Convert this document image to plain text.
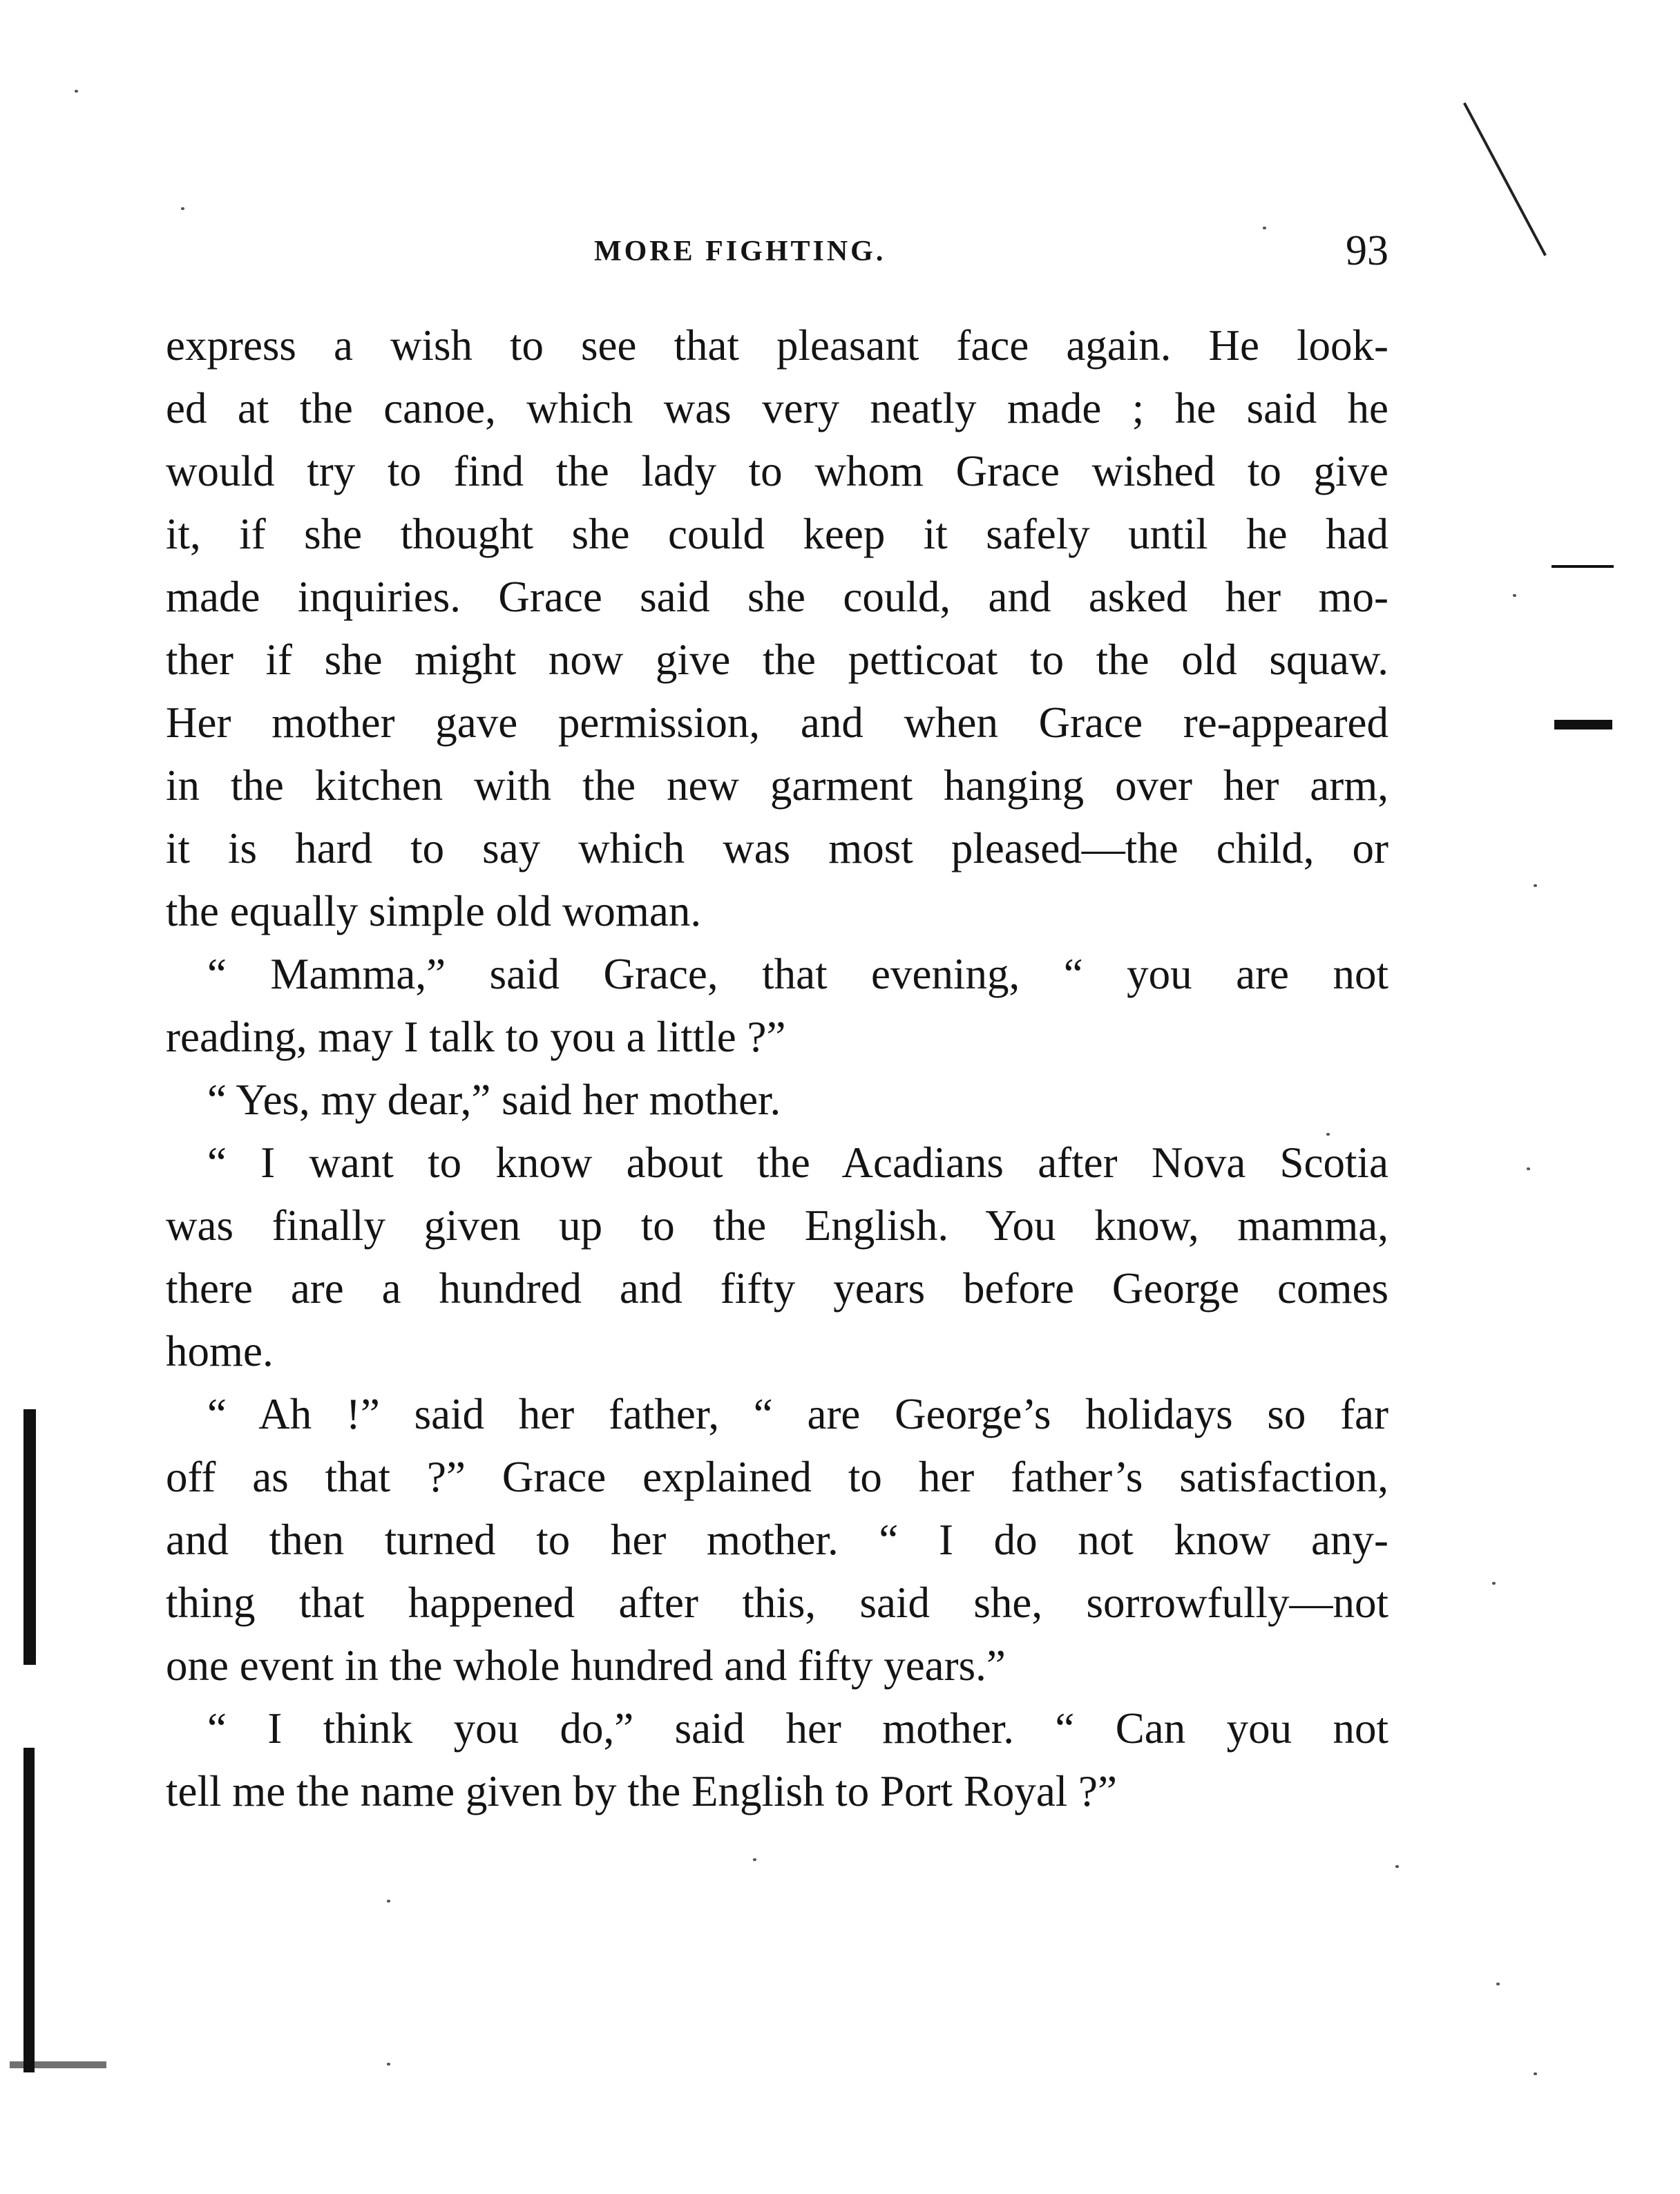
MORE FIGHTING.	93
express a wish to see that pleasant face again. He look-
ed at the canoe, which was very neatly made ; he said he
would try to find the lady to whom Grace wished to give
it, if she thought she could keep it safely until he had
made inquiries. Grace said she could, and asked her mo-
ther if she might now give the petticoat to the old squaw.
Her mother gave permission, and when Grace re-appeared
in the kitchen with the new garment hanging over her arm,
it is hard to say which was most pleased—the child, or
the equally simple old woman.
“ Mamma,” said Grace, that evening, “ you are not
reading, may I talk to you a little ?”
“ Yes, my dear,” said her mother.
“ I want to know about the Acadians after Nova Scotia
was finally given up to the English. You know, mamma,
there are a hundred and fifty years before George comes
home.
“ Ah !” said her father, “ are George’s holidays so far
off as that ?” Grace explained to her father’s satisfaction,
and then turned to her mother. “ I do not know any-
thing that happened after this, said she, sorrowfully—not
one event in the whole hundred and fifty years.”
“ I think you do,” said her mother. “ Can you not
tell me the name given by the English to Port Royal ?”
